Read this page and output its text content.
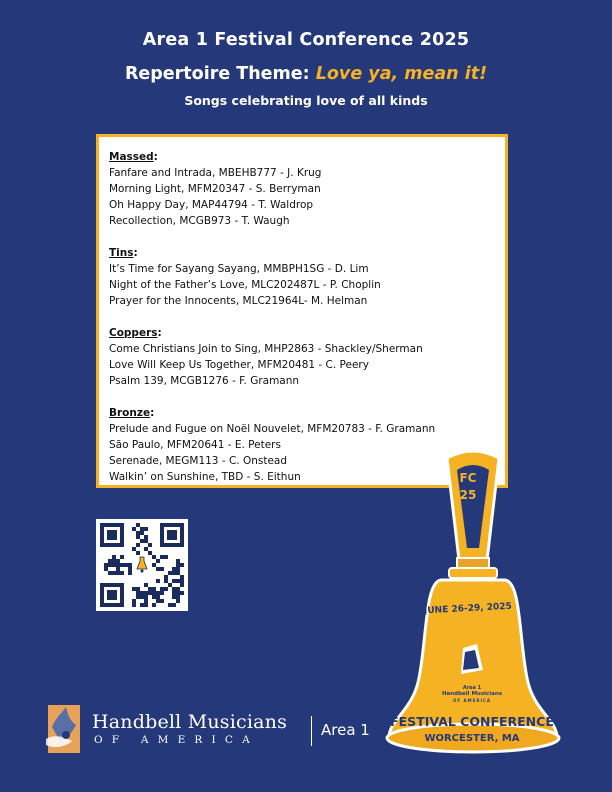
Area 1 Festival Conference 2025
Repertoire Theme: Love ya, mean it!
Songs celebrating love of all kinds
Massed:
Fanfare and Intrada, MBEHB777 - J. Krug
Morning Light, MFM20347 - S. Berryman
Oh Happy Day, MAP44794 - T. Waldrop
Recollection, MCGB973 - T. Waugh
Tins:
It’s Time for Sayang Sayang, MMBPH1SG - D. Lim
Night of the Father’s Love, MLC202487L - P. Choplin
Prayer for the Innocents, MLC21964L- M. Helman
Coppers:
Come Christians Join to Sing, MHP2863 - Shackley/Sherman
Love Will Keep Us Together, MFM20481 - C. Peery
Psalm 139, MCGB1276 - F. Gramann
Bronze:
Prelude and Fugue on Noël Nouvelet, MFM20783 - F. Gramann
São Paulo, MFM20641 - E. Peters
Serenade, MEGM113 - C. Onstead
Walkin’ on Sunshine, TBD - S. Eithun
Handbell Musicians
OF AMERICA
Area 1
FC
25
JUNE 26-29, 2025
Area 1
Handbell Musicians
OF AMERICA
FESTIVAL CONFERENCE
WORCESTER, MA
